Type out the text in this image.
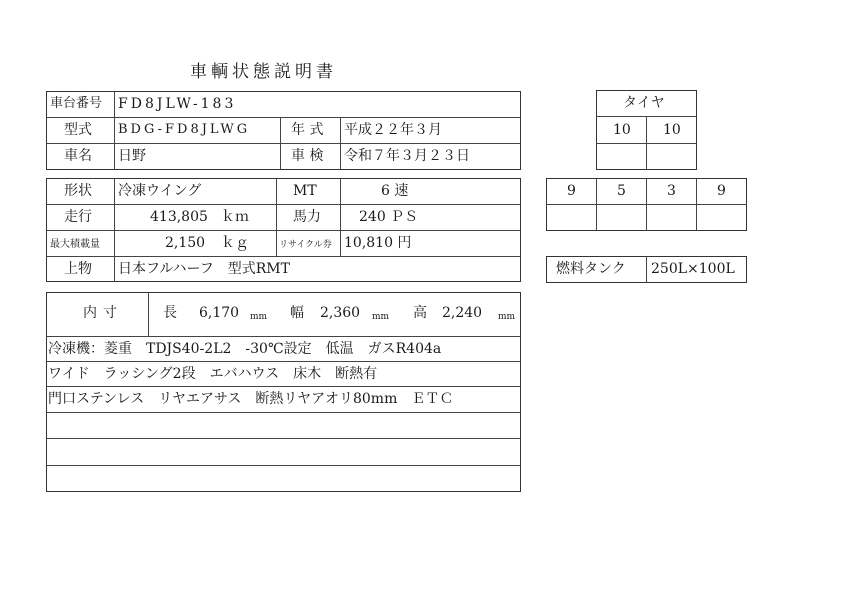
車輌状態説明書
車台番号 FD8JLW-183
型式 BDG-FD8JLWG	年 式 平成２２年３月
車名 日野	車 検 令和７年３月２３日
タイヤ
10 10
形状 冷凍ウイング	MT	6 速
走行	413,805 ｋｍ	馬力	240 ＰＳ
最大積載量	2,150 ｋｇ	リサイクル券 10,810 円
上物 日本フルハーフ　型式RMT
9	5	3	9
燃料タンク 250L×100L
内寸	長 6,170 mm 幅 2,360 mm 高 2,240 mm
冷凍機：菱重　TDJS40-2L2　-30℃設定　低温　ガスR404a
ワイド　ラッシング2段　エバハウス　床木　断熱有
門口ステンレス　リヤエアサス　断熱リヤアオリ80mm　ＥＴＣ
